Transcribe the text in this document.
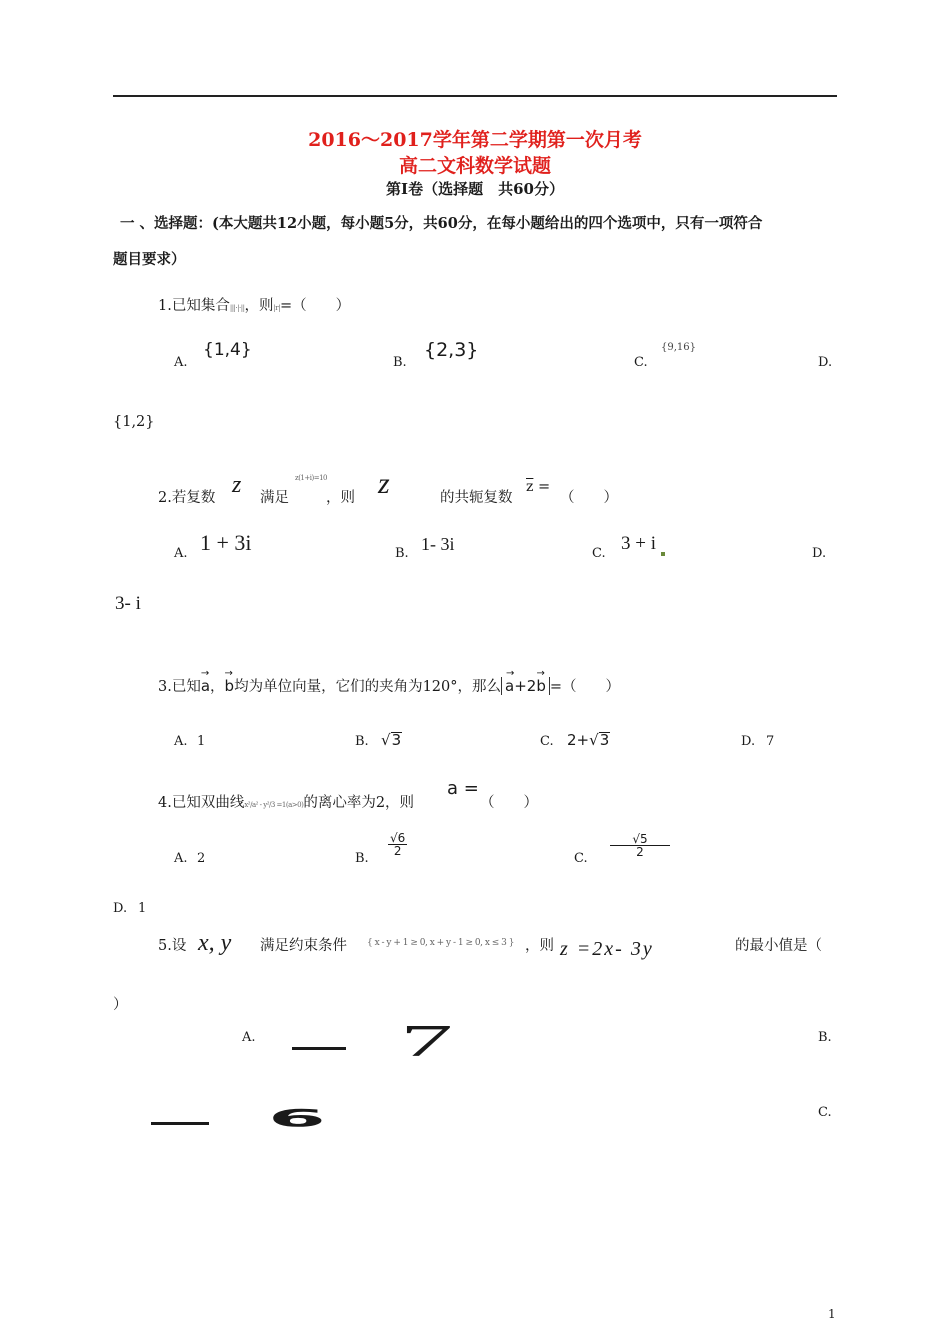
2016～2017学年第二学期第一次月考
高二文科数学试题
第Ⅰ卷（选择题　共60分）
一 、选择题：(本大题共12小题，每小题5分，共60分，在每小题给出的四个选项中，只有一项符合
题目要求）
1.已知集合|||·|·||，则|r|=（　　）
A.
{1,4}
B.
{2,3}
C.
{9,16}
D.
{1,2}
2.若复数 z 满足
z(1+i)=10
，则 z	的共轭复数
$\overline{z}$ =
（　　）
A. 1 + 3i	B. 1- 3i	C. 3 + i	D.
3- i
3.已知
→
a，
→
b均为单位向量，它们的夹角为120°，那么
→ →
a+2b =（　　）
A. 1	B. √3	C. 2+√3	D. 7
4.已知双曲线x²/a² - y²/3 =1(a>0)的离心率为2，则
a =
（　　）
A. 2	B.
$\frac{√6}{2}$
C.
$\frac{√5}{2}$
D. 1
5.设 x, y 满足约束条件 { x - y + 1 ≥ 0, x + y - 1 ≥ 0, x ≤ 3 } ，则 z =2x- 3y	的最小值是（
）
A.	7	B.
6	C.
1
